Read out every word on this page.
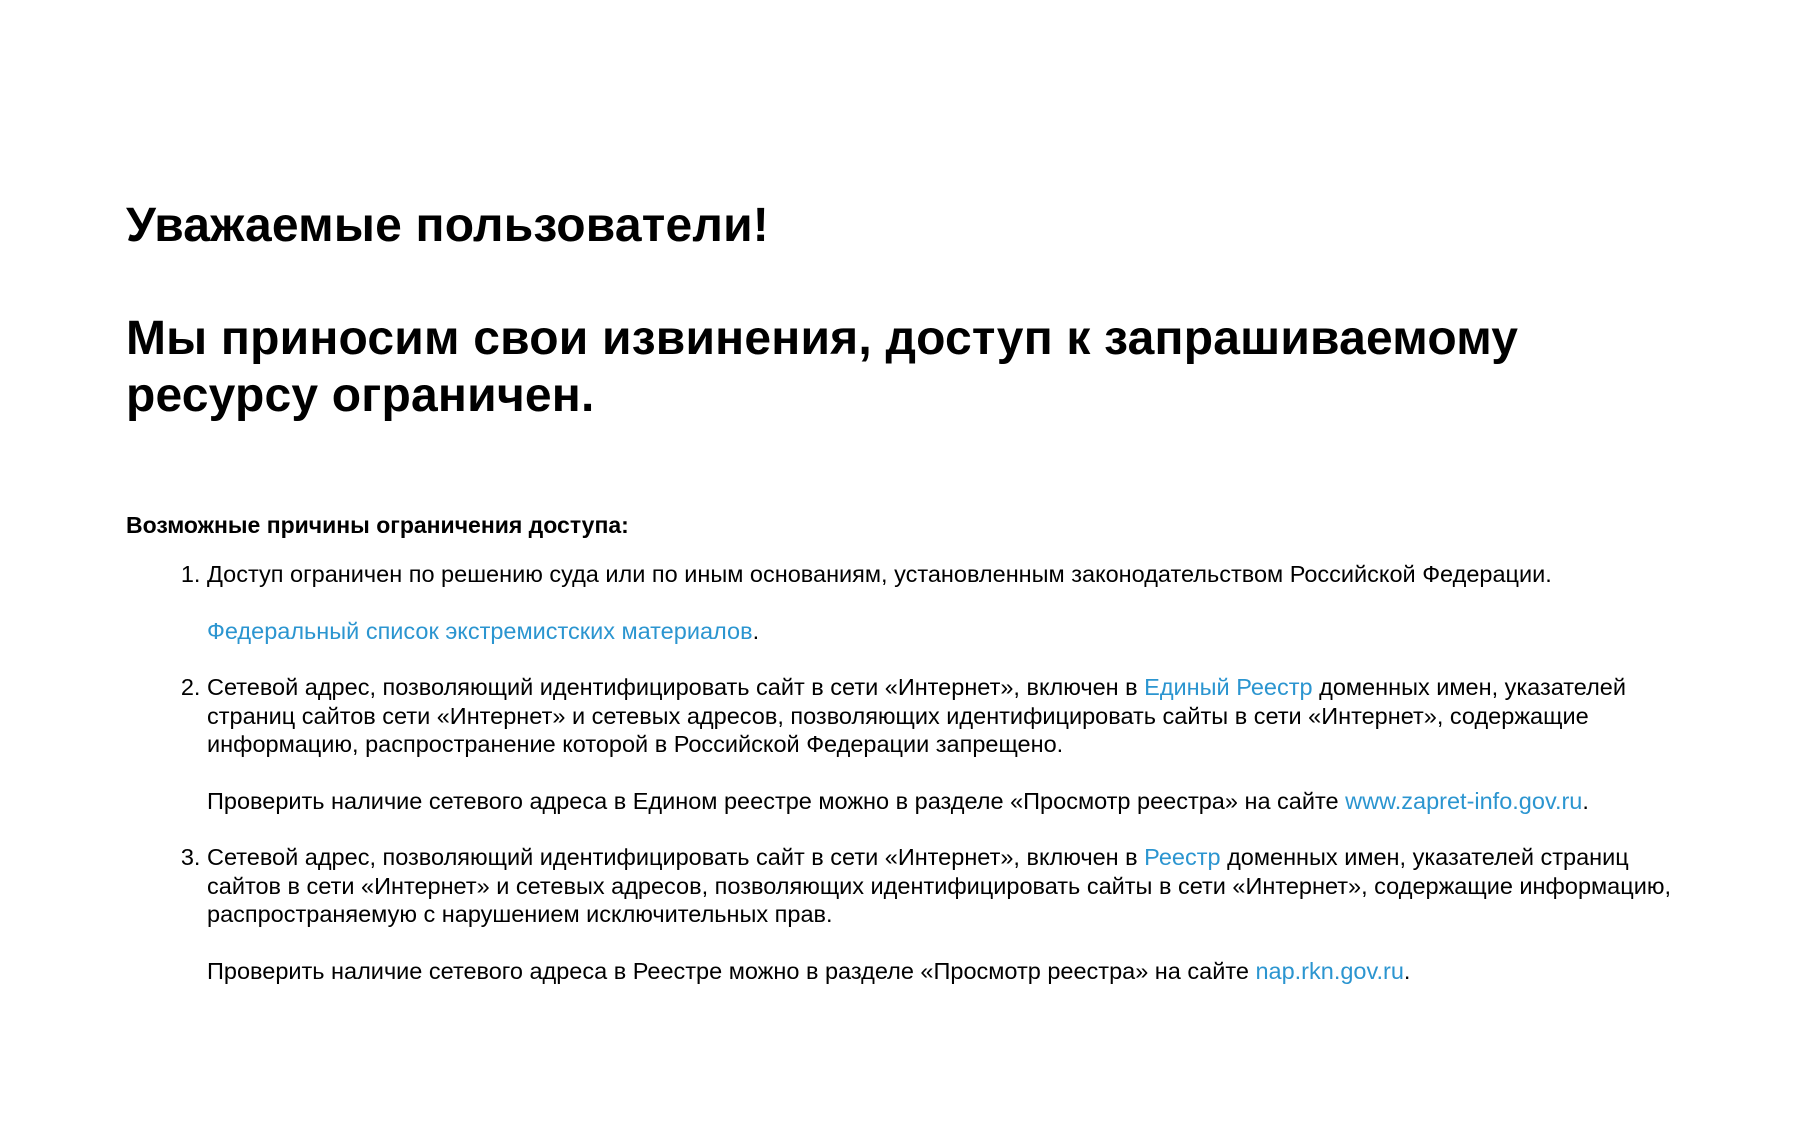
Уважаемые пользователи!
Мы приносим свои извинения, доступ к запрашиваемому ресурсу ограничен.
Возможные причины ограничения доступа:

1. Доступ ограничен по решению суда или по иным основаниям, установленным законодательством Российской Федерации.

Федеральный список экстремистских материалов.

2. Сетевой адрес, позволяющий идентифицировать сайт в сети «Интернет», включен в Единый Реестр доменных имен, указателей страниц сайтов сети «Интернет» и сетевых адресов, позволяющих идентифицировать сайты в сети «Интернет», содержащие информацию, распространение которой в Российской Федерации запрещено.

Проверить наличие сетевого адреса в Едином реестре можно в разделе «Просмотр реестра» на сайте www.zapret-info.gov.ru.

3. Сетевой адрес, позволяющий идентифицировать сайт в сети «Интернет», включен в Реестр доменных имен, указателей страниц сайтов в сети «Интернет» и сетевых адресов, позволяющих идентифицировать сайты в сети «Интернет», содержащие информацию, распространяемую с нарушением исключительных прав.

Проверить наличие сетевого адреса в Реестре можно в разделе «Просмотр реестра» на сайте nap.rkn.gov.ru.
